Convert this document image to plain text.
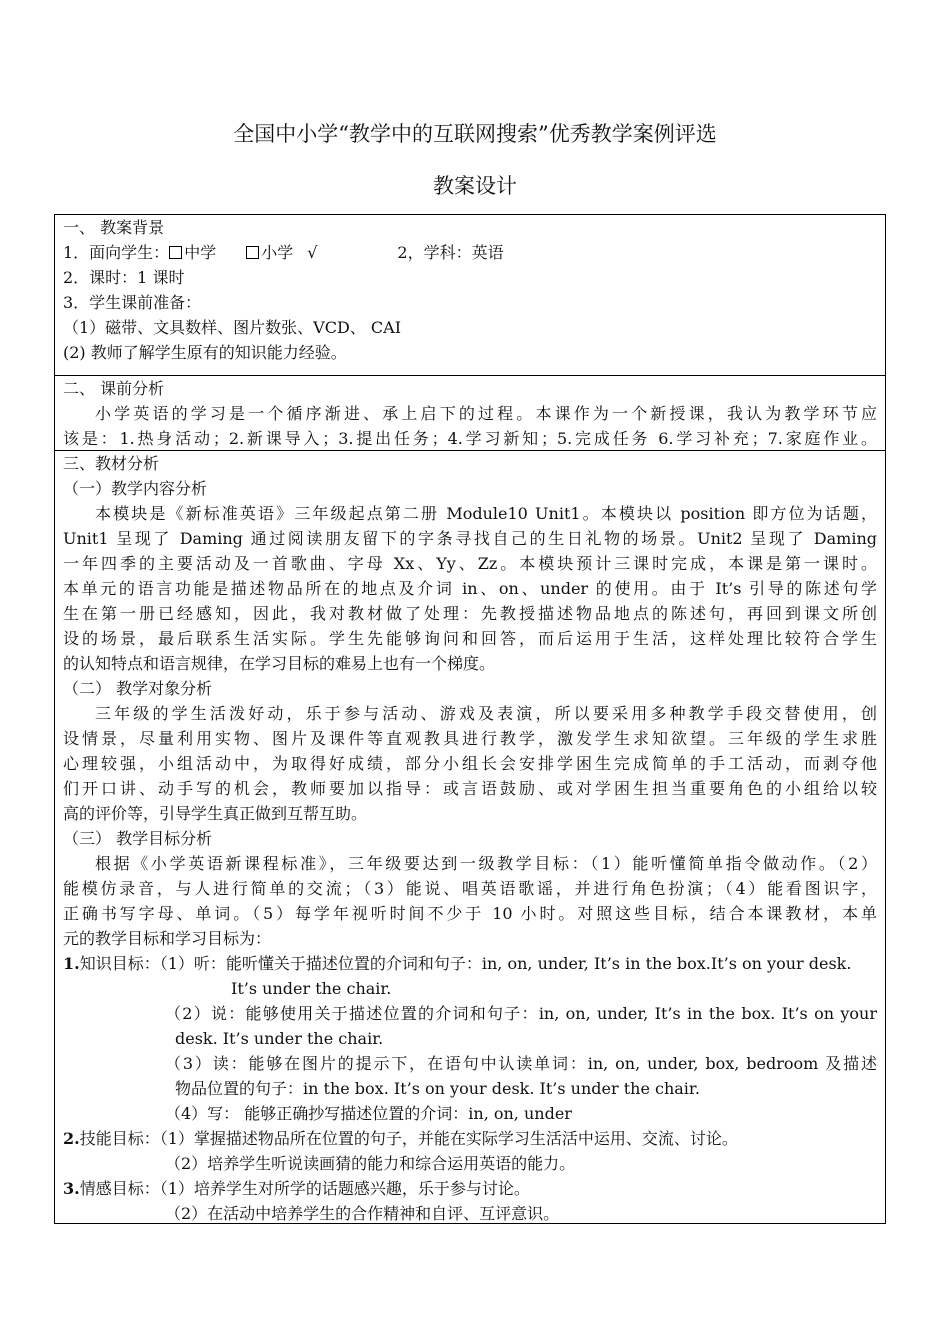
全国中小学“教学中的互联网搜索”优秀教学案例评选
教案设计
一、 教案背景
1．面向学生： 中学	小学 √	2，学科：英语
2．课时：1 课时
3．学生课前准备：
（1）磁带、文具数样、图片数张、VCD、 CAI
(2) 教师了解学生原有的知识能力经验。
二、 课前分析
小学英语的学习是一个循序渐进、承上启下的过程。本课作为一个新授课，我认为教学环节应
该是：1.热身活动；2.新课导入；3.提出任务；4.学习新知；5.完成任务 6.学习补充；7.家庭作业。
三、教材分析
（一）教学内容分析
本模块是《新标准英语》三年级起点第二册 Module10 Unit1。本模块以 position 即方位为话题，
Unit1 呈现了 Daming 通过阅读朋友留下的字条寻找自己的生日礼物的场景。Unit2 呈现了 Daming
一年四季的主要活动及一首歌曲、字母 Xx、Yy、Zz。本模块预计三课时完成，本课是第一课时。
本单元的语言功能是描述物品所在的地点及介词 in、on、under 的使用。由于 It’s 引导的陈述句学
生在第一册已经感知，因此，我对教材做了处理：先教授描述物品地点的陈述句，再回到课文所创
设的场景，最后联系生活实际。学生先能够询问和回答，而后运用于生活，这样处理比较符合学生
的认知特点和语言规律，在学习目标的难易上也有一个梯度。
（二） 教学对象分析
三年级的学生活泼好动，乐于参与活动、游戏及表演，所以要采用多种教学手段交替使用，创
设情景，尽量利用实物、图片及课件等直观教具进行教学，激发学生求知欲望。三年级的学生求胜
心理较强，小组活动中，为取得好成绩，部分小组长会安排学困生完成简单的手工活动，而剥夺他
们开口讲、动手写的机会，教师要加以指导：或言语鼓励、或对学困生担当重要角色的小组给以较
高的评价等，引导学生真正做到互帮互助。
（三） 教学目标分析
根据《小学英语新课程标准》，三年级要达到一级教学目标：（1）能听懂简单指令做动作。（2）
能模仿录音，与人进行简单的交流；（3）能说、唱英语歌谣，并进行角色扮演；（4）能看图识字，
正确书写字母、单词。（5）每学年视听时间不少于 10 小时。对照这些目标，结合本课教材，本单
元的教学目标和学习目标为：
1.知识目标：（1）听：能听懂关于描述位置的介词和句子：in, on, under, It’s in the box.It’s on your desk.
It’s under the chair.
（2）说：能够使用关于描述位置的介词和句子：in, on, under, It’s in the box. It’s on your
desk. It’s under the chair.
（3）读：能够在图片的提示下，在语句中认读单词：in, on, under, box, bedroom 及描述
物品位置的句子：in the box. It’s on your desk. It’s under the chair.
（4）写： 能够正确抄写描述位置的介词：in, on, under
2.技能目标：（1）掌握描述物品所在位置的句子，并能在实际学习生活活中运用、交流、讨论。
（2）培养学生听说读画猜的能力和综合运用英语的能力。
3.情感目标：（1）培养学生对所学的话题感兴趣，乐于参与讨论。
（2）在活动中培养学生的合作精神和自评、互评意识。
